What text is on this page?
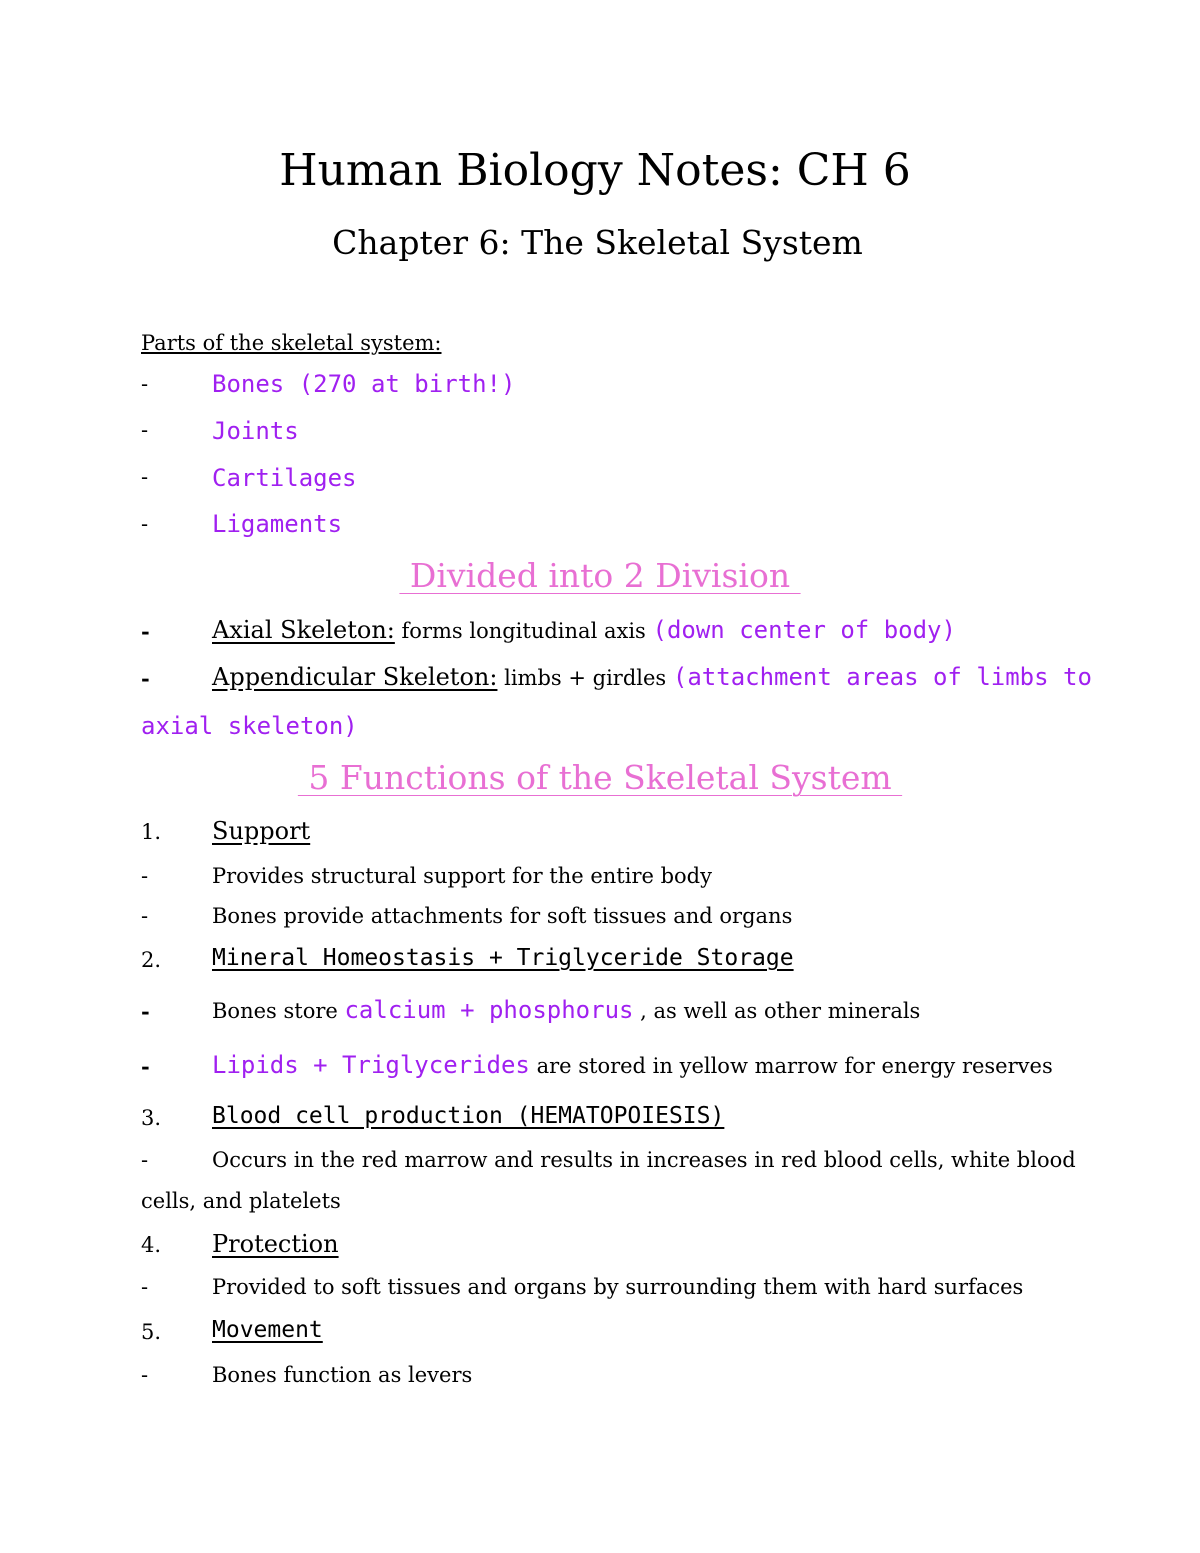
Human Biology Notes: CH 6
Chapter 6: The Skeletal System
Parts of the skeletal system:
-	Bones (270 at birth!)
-	Joints
-	Cartilages
-	Ligaments
Divided into 2 Division
-	Axial Skeleton: forms longitudinal axis (down center of body)
-	Appendicular Skeleton: limbs + girdles (attachment areas of limbs to
axial skeleton)
5 Functions of the Skeletal System
1. Support
-	Provides structural support for the entire body
-	Bones provide attachments for soft tissues and organs
2. Mineral Homeostasis + Triglyceride Storage
-	Bones store calcium + phosphorus , as well as other minerals
-	Lipids + Triglycerides are stored in yellow marrow for energy reserves
3. Blood cell production (HEMATOPOIESIS)
-	Occurs in the red marrow and results in increases in red blood cells, white blood
cells, and platelets
4. Protection
-	Provided to soft tissues and organs by surrounding them with hard surfaces
5. Movement
-	Bones function as levers
